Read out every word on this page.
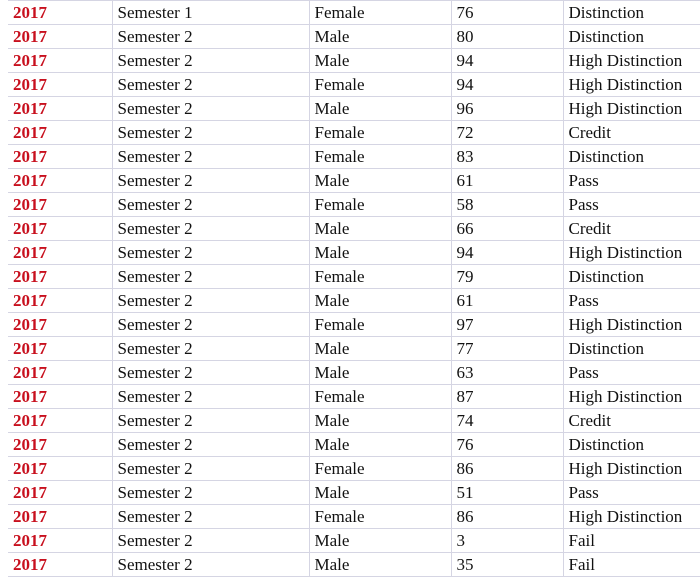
2017	Semester 1	Female	76	Distinction
2017	Semester 2	Male	80	Distinction
2017	Semester 2	Male	94	High Distinction
2017	Semester 2	Female	94	High Distinction
2017	Semester 2	Male	96	High Distinction
2017	Semester 2	Female	72	Credit
2017	Semester 2	Female	83	Distinction
2017	Semester 2	Male	61	Pass
2017	Semester 2	Female	58	Pass
2017	Semester 2	Male	66	Credit
2017	Semester 2	Male	94	High Distinction
2017	Semester 2	Female	79	Distinction
2017	Semester 2	Male	61	Pass
2017	Semester 2	Female	97	High Distinction
2017	Semester 2	Male	77	Distinction
2017	Semester 2	Male	63	Pass
2017	Semester 2	Female	87	High Distinction
2017	Semester 2	Male	74	Credit
2017	Semester 2	Male	76	Distinction
2017	Semester 2	Female	86	High Distinction
2017	Semester 2	Male	51	Pass
2017	Semester 2	Female	86	High Distinction
2017	Semester 2	Male	3	Fail
2017	Semester 2	Male	35	Fail
